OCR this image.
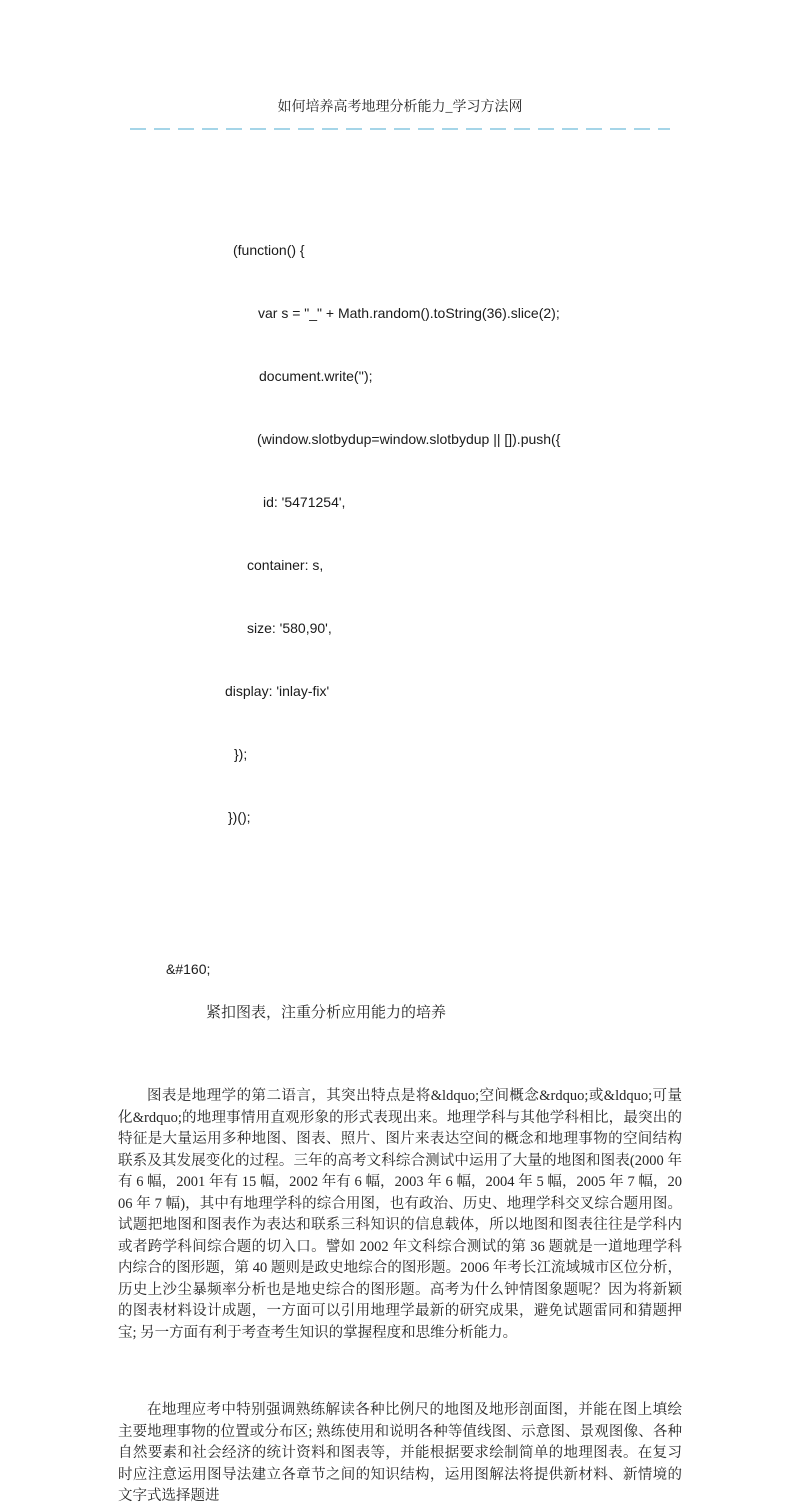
如何培养高考地理分析能力_学习方法网

(function() {

var s = "_" + Math.random().toString(36).slice(2);

document.write('');

(window.slotbydup=window.slotbydup || []).push({

id: '5471254',

container: s,

size: '580,90',

display: 'inlay-fix'

});

})();

&#160;
紧扣图表，注重分析应用能力的培养

图表是地理学的第二语言，其突出特点是将&ldquo;空间概念&rdquo;或&ldquo;可量化&rdquo;的地理事情用直观形象的形式表现出来。地理学科与其他学科相比，最突出的特征是大量运用多种地图、图表、照片、图片来表达空间的概念和地理事物的空间结构联系及其发展变化的过程。三年的高考文科综合测试中运用了大量的地图和图表(2000 年有 6 幅，2001 年有 15 幅，2002 年有 6 幅，2003 年 6 幅，2004 年 5 幅，2005 年 7 幅，2006 年 7 幅)，其中有地理学科的综合用图，也有政治、历史、地理学科交叉综合题用图。试题把地图和图表作为表达和联系三科知识的信息载体，所以地图和图表往往是学科内或者跨学科间综合题的切入口。譬如 2002 年文科综合测试的第 36 题就是一道地理学科内综合的图形题，第 40 题则是政史地综合的图形题。2006 年考长江流域城市区位分析，历史上沙尘暴频率分析也是地史综合的图形题。高考为什么钟情图象题呢？因为将新颖的图表材料设计成题，一方面可以引用地理学最新的研究成果，避免试题雷同和猜题押宝; 另一方面有利于考查考生知识的掌握程度和思维分析能力。

在地理应考中特别强调熟练解读各种比例尺的地图及地形剖面图，并能在图上填绘主要地理事物的位置或分布区; 熟练使用和说明各种等值线图、示意图、景观图像、各种自然要素和社会经济的统计资料和图表等，并能根据要求绘制简单的地理图表。在复习时应注意运用图导法建立各章节之间的知识结构，运用图解法将提供新材料、新情境的文字式选择题进
